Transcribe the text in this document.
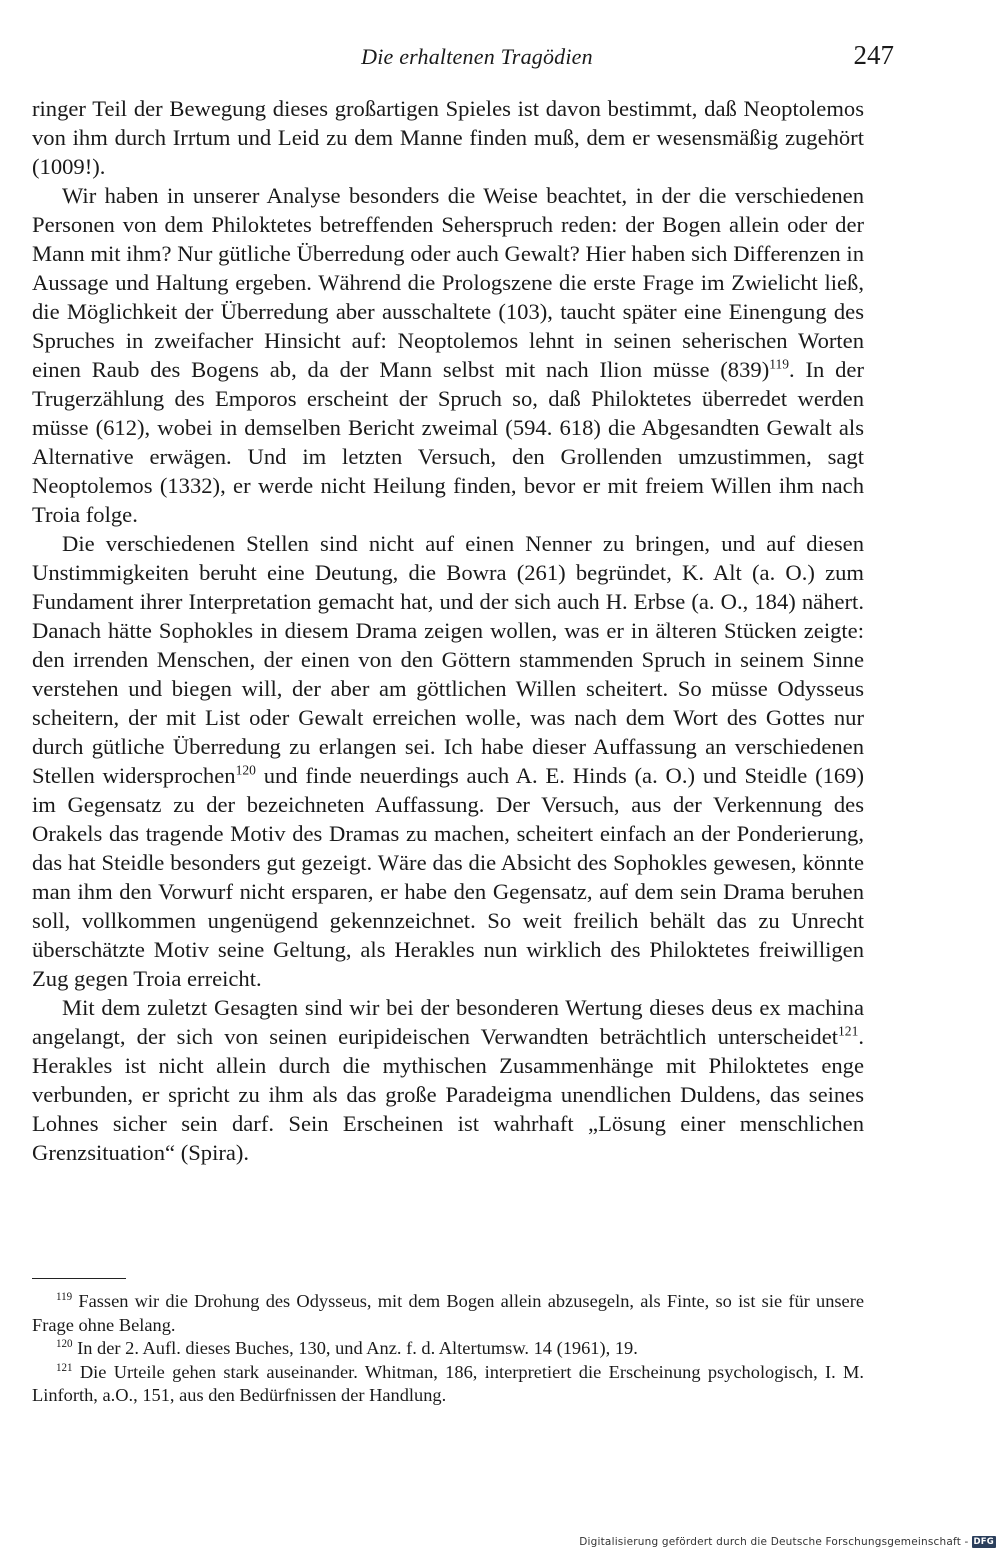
Die erhaltenen Tragödien	247

ringer Teil der Bewegung dieses großartigen Spieles ist davon bestimmt, daß Neoptolemos von ihm durch Irrtum und Leid zu dem Manne finden muß, dem er wesensmäßig zugehört (1009!).

Wir haben in unserer Analyse besonders die Weise beachtet, in der die verschiedenen Personen von dem Philoktetes betreffenden Seherspruch reden: der Bogen allein oder der Mann mit ihm? Nur gütliche Überredung oder auch Gewalt? Hier haben sich Differenzen in Aussage und Haltung ergeben. Während die Prologszene die erste Frage im Zwielicht ließ, die Möglichkeit der Überredung aber ausschaltete (103), taucht später eine Einengung des Spruches in zweifacher Hinsicht auf: Neoptolemos lehnt in seinen seherischen Worten einen Raub des Bogens ab, da der Mann selbst mit nach Ilion müsse $(839)^{119}$. In der Trugerzählung des Emporos erscheint der Spruch so, daß Philoktetes überredet werden müsse (612), wobei in demselben Bericht zweimal (594. 618) die Abgesandten Gewalt als Alternative erwägen. Und im letzten Versuch, den Grollenden umzustimmen, sagt Neoptolemos (1332), er werde nicht Heilung finden, bevor er mit freiem Willen ihm nach Troia folge.

Die verschiedenen Stellen sind nicht auf einen Nenner zu bringen, und auf diesen Unstimmigkeiten beruht eine Deutung, die Bowra (261) begründet, K. Alt (a. O.) zum Fundament ihrer Interpretation gemacht hat, und der sich auch H. Erbse (a. O., 184) nähert. Danach hätte Sophokles in diesem Drama zeigen wollen, was er in älteren Stücken zeigte: den irrenden Menschen, der einen von den Göttern stammenden Spruch in seinem Sinne verstehen und biegen will, der aber am göttlichen Willen scheitert. So müsse Odysseus scheitern, der mit List oder Gewalt erreichen wolle, was nach dem Wort des Gottes nur durch gütliche Überredung zu erlangen sei. Ich habe dieser Auffassung an verschiedenen Stellen widersprochen$^{120}$ und finde neuerdings auch A. E. Hinds (a. O.) und Steidle (169) im Gegensatz zu der bezeichneten Auffassung. Der Versuch, aus der Verkennung des Orakels das tragende Motiv des Dramas zu machen, scheitert einfach an der Ponderierung, das hat Steidle besonders gut gezeigt. Wäre das die Absicht des Sophokles gewesen, könnte man ihm den Vorwurf nicht ersparen, er habe den Gegensatz, auf dem sein Drama beruhen soll, vollkommen ungenügend gekennzeichnet. So weit freilich behält das zu Unrecht überschätzte Motiv seine Geltung, als Herakles nun wirklich des Philoktetes freiwilligen Zug gegen Troia erreicht.

Mit dem zuletzt Gesagten sind wir bei der besonderen Wertung dieses deus ex machina angelangt, der sich von seinen euripideischen Verwandten beträchtlich unterscheidet$^{121}$. Herakles ist nicht allein durch die mythischen Zusammenhänge mit Philoktetes enge verbunden, er spricht zu ihm als das große Paradeigma unendlichen Duldens, das seines Lohnes sicher sein darf. Sein Erscheinen ist wahrhaft „Lösung einer menschlichen Grenzsituation“ (Spira).

$^{119}$ Fassen wir die Drohung des Odysseus, mit dem Bogen allein abzusegeln, als Finte, so ist sie für unsere Frage ohne Belang.

$^{120}$ In der 2. Aufl. dieses Buches, 130, und Anz. f. d. Altertumsw. 14 (1961), 19.

$^{121}$ Die Urteile gehen stark auseinander. Whitman, 186, interpretiert die Erscheinung psychologisch, I. M. Linforth, a.O., 151, aus den Bedürfnissen der Handlung.

Digitalisierung gefördert durch die Deutsche Forschungsgemeinschaft - DFG
